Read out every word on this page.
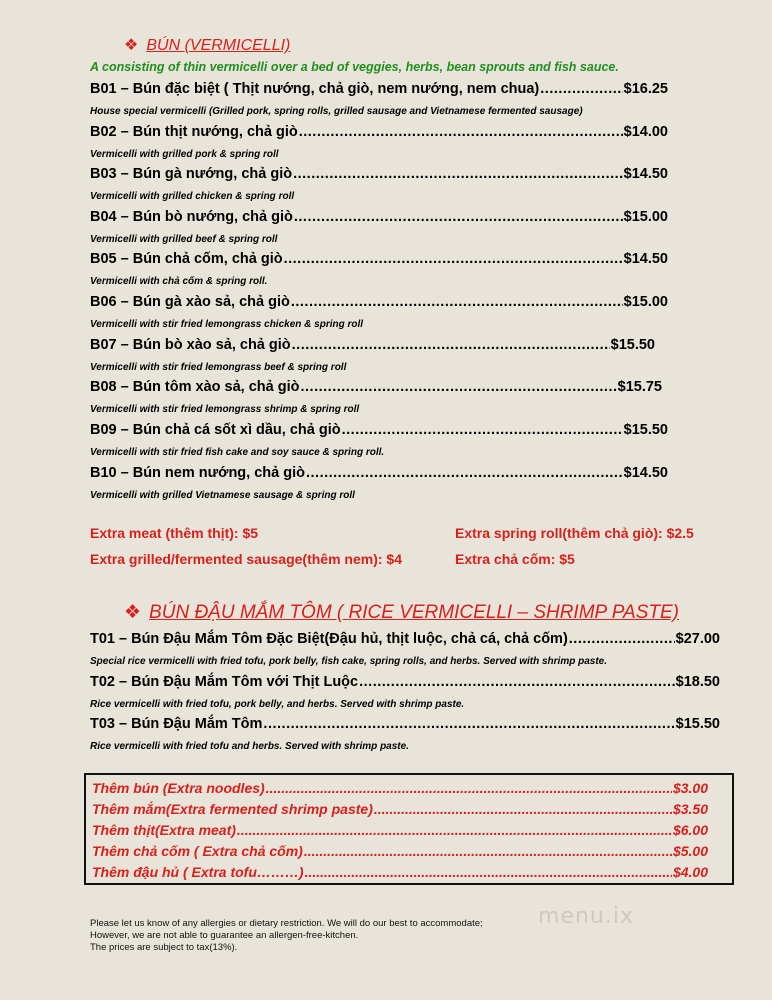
❖ BÚN (VERMICELLI)
A consisting of thin vermicelli over a bed of veggies, herbs, bean sprouts and fish sauce.
B01 – Bún đặc biệt ( Thịt nướng, chả giò, nem nướng, nem chua) .....	$16.25
House special vermicelli (Grilled pork, spring rolls, grilled sausage and Vietnamese fermented sausage)
B02 – Bún thịt nướng, chả giò .....	$14.00
Vermicelli with grilled pork & spring roll
B03 – Bún gà nướng, chả giò .....	$14.50
Vermicelli with grilled chicken & spring roll
B04 – Bún bò nướng, chả giò .....	$15.00
Vermicelli with grilled beef & spring roll
B05 – Bún chả cốm, chả giò .....	$14.50
Vermicelli with chả cốm & spring roll.
B06 – Bún gà xào sả, chả giò .....	$15.00
Vermicelli with stir fried lemongrass chicken & spring roll
B07 – Bún bò xào sả, chả giò .....	$15.50
Vermicelli with stir fried lemongrass beef & spring roll
B08 – Bún tôm xào sả, chả giò .....	$15.75
Vermicelli with stir fried lemongrass shrimp & spring roll
B09 – Bún chả cá sốt xì dầu, chả giò .....	$15.50
Vermicelli with stir fried fish cake and soy sauce & spring roll.
B10 – Bún nem nướng, chả giò .....	$14.50
Vermicelli with grilled Vietnamese sausage & spring roll
Extra meat (thêm thịt): $5	Extra spring roll(thêm chả giò): $2.5
Extra grilled/fermented sausage(thêm nem): $4	Extra chả cốm: $5
❖ BÚN ĐẬU MẮM TÔM ( RICE VERMICELLI – SHRIMP PASTE)
T01 – Bún Đậu Mắm Tôm Đặc Biệt(Đậu hủ, thịt luộc, chả cá, chả cốm) .....	$27.00
Special rice vermicelli with fried tofu, pork belly, fish cake, spring rolls, and herbs. Served with shrimp paste.
T02 – Bún Đậu Mắm Tôm với Thịt Luộc .....	$18.50
Rice vermicelli with fried tofu, pork belly, and herbs. Served with shrimp paste.
T03 – Bún Đậu Mắm Tôm .....	$15.50
Rice vermicelli with fried tofu and herbs. Served with shrimp paste.
Thêm bún (Extra noodles) .....	$3.00
Thêm mắm(Extra fermented shrimp paste) .....	$3.50
Thêm thịt(Extra meat) .....	$6.00
Thêm chả cốm ( Extra chả cốm) .....	$5.00
Thêm đậu hủ ( Extra tofu………) .....	$4.00
Please let us know of any allergies or dietary restriction. We will do our best to accommodate;
However, we are not able to guarantee an allergen-free-kitchen.
The prices are subject to tax(13%).
menu.ix
